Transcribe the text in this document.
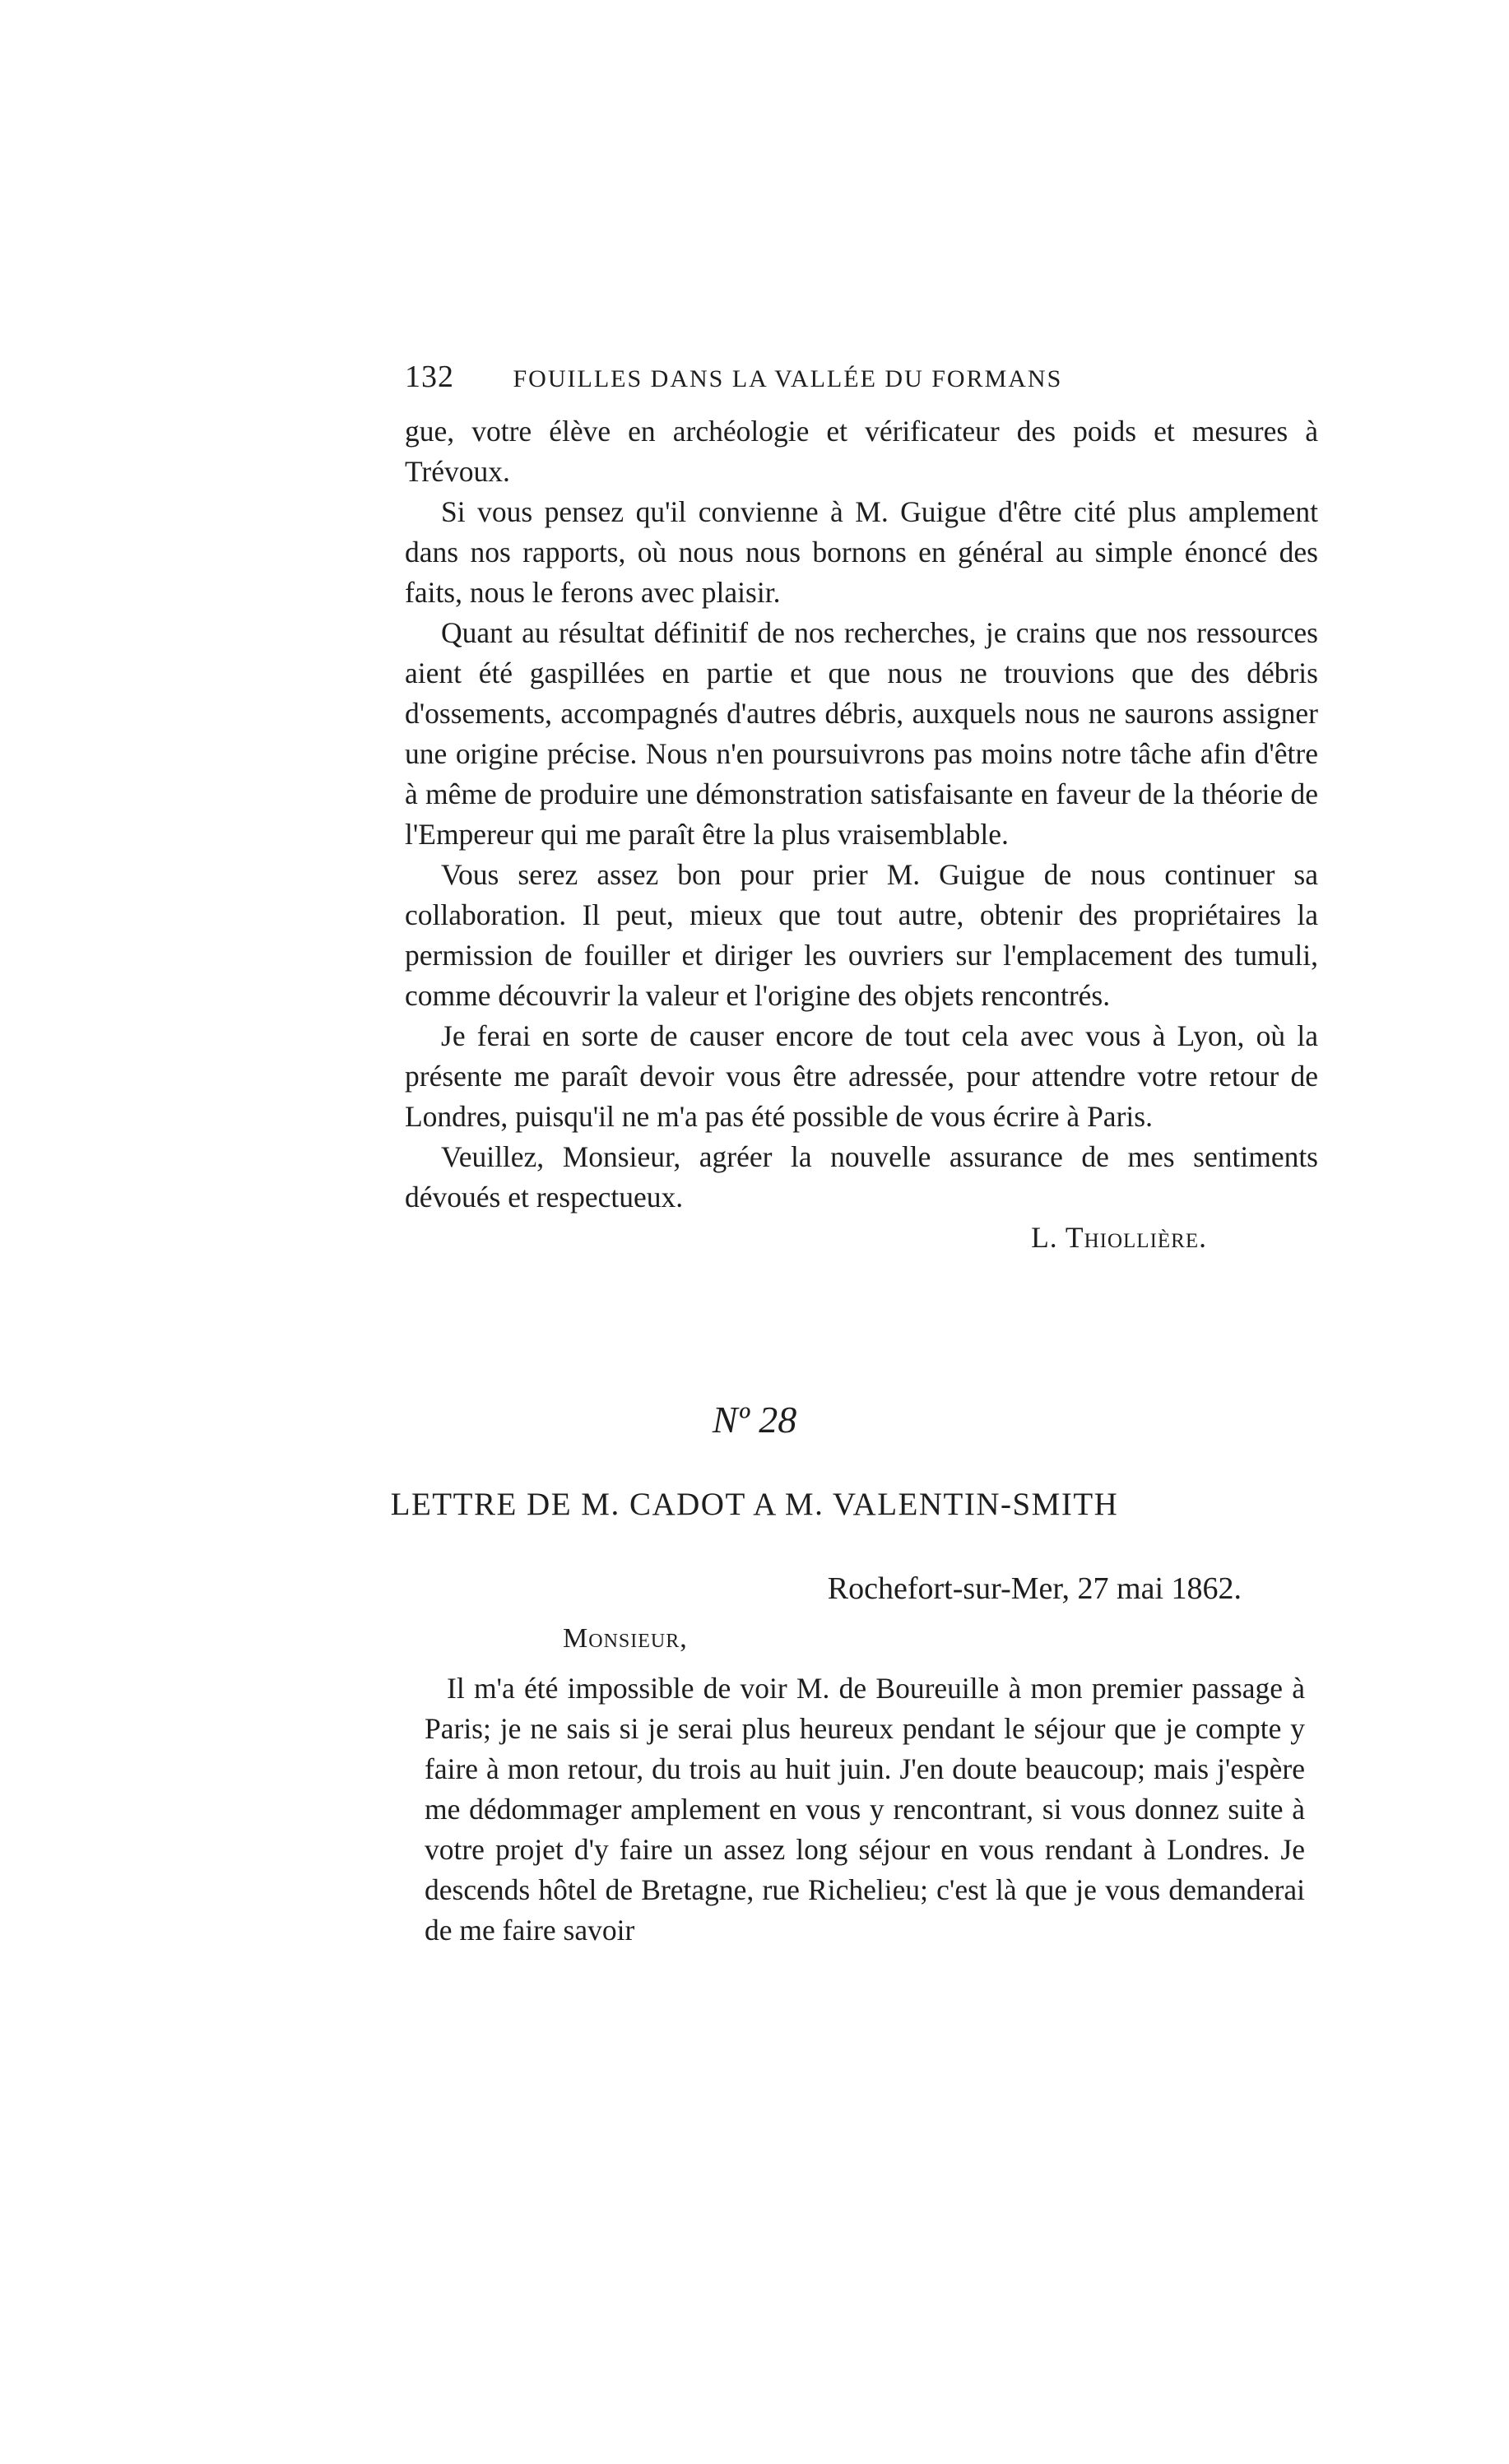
132 FOUILLES DANS LA VALLÉE DU FORMANS

gue, votre élève en archéologie et vérificateur des poids et mesures à Trévoux.

Si vous pensez qu'il convienne à M. Guigue d'être cité plus amplement dans nos rapports, où nous nous bornons en général au simple énoncé des faits, nous le ferons avec plaisir.

Quant au résultat définitif de nos recherches, je crains que nos ressources aient été gaspillées en partie et que nous ne trouvions que des débris d'ossements, accompagnés d'autres débris, auxquels nous ne saurons assigner une origine précise. Nous n'en poursuivrons pas moins notre tâche afin d'être à même de produire une démonstration satisfaisante en faveur de la théorie de l'Empereur qui me paraît être la plus vraisemblable.

Vous serez assez bon pour prier M. Guigue de nous continuer sa collaboration. Il peut, mieux que tout autre, obtenir des propriétaires la permission de fouiller et diriger les ouvriers sur l'emplacement des tumuli, comme découvrir la valeur et l'origine des objets rencontrés.

Je ferai en sorte de causer encore de tout cela avec vous à Lyon, où la présente me paraît devoir vous être adressée, pour attendre votre retour de Londres, puisqu'il ne m'a pas été possible de vous écrire à Paris.

Veuillez, Monsieur, agréer la nouvelle assurance de mes sentiments dévoués et respectueux.

L. Thiollière.

Nº 28
LETTRE DE M. CADOT A M. VALENTIN-SMITH
Rochefort-sur-Mer, 27 mai 1862.
Monsieur,

Il m'a été impossible de voir M. de Boureuille à mon premier passage à Paris; je ne sais si je serai plus heureux pendant le séjour que je compte y faire à mon retour, du trois au huit juin. J'en doute beaucoup; mais j'espère me dédommager amplement en vous y rencontrant, si vous donnez suite à votre projet d'y faire un assez long séjour en vous rendant à Londres. Je descends hôtel de Bretagne, rue Richelieu; c'est là que je vous demanderai de me faire savoir
